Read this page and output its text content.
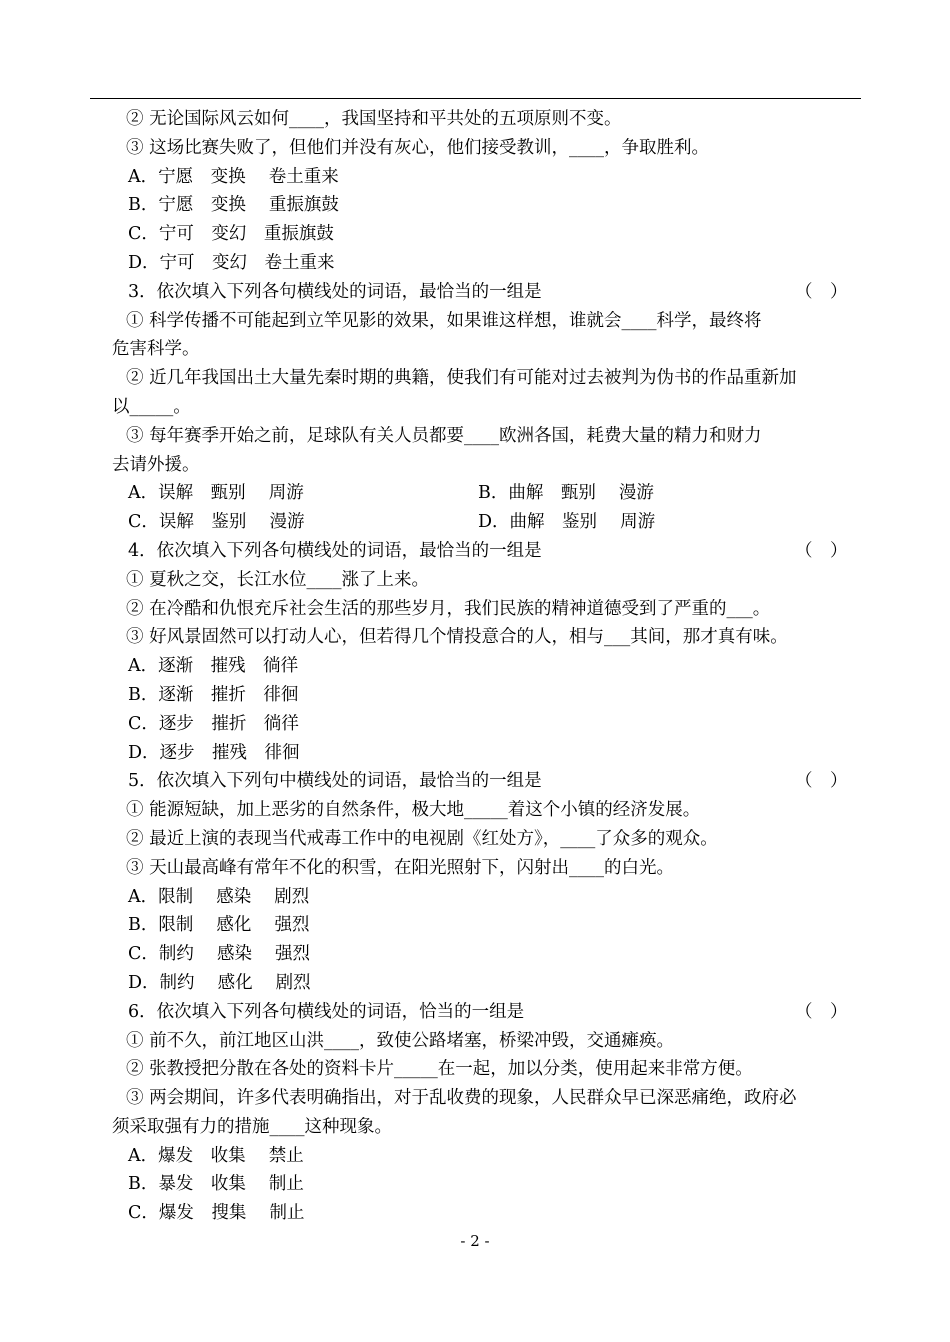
② 无论国际风云如何____，我国坚持和平共处的五项原则不变。
③ 这场比赛失败了，但他们并没有灰心，他们接受教训，____，争取胜利。
A．宁愿　变换　 卷土重来
B．宁愿　变换　 重振旗鼓
C．宁可　变幻　重振旗鼓
D．宁可　变幻　卷土重来
3．依次填入下列各句横线处的词语，最恰当的一组是	（　）
① 科学传播不可能起到立竿见影的效果，如果谁这样想，谁就会____科学，最终将
危害科学。
② 近几年我国出土大量先秦时期的典籍，使我们有可能对过去被判为伪书的作品重新加
以_____。
③ 每年赛季开始之前，足球队有关人员都要____欧洲各国，耗费大量的精力和财力
去请外援。
A．误解　甄别　 周游	B．曲解　甄别　 漫游
C．误解　鉴别　 漫游	D．曲解　鉴别　 周游
4．依次填入下列各句横线处的词语，最恰当的一组是	（　）
① 夏秋之交，长江水位____涨了上来。
② 在冷酷和仇恨充斥社会生活的那些岁月，我们民族的精神道德受到了严重的___。
③ 好风景固然可以打动人心，但若得几个情投意合的人，相与___其间，那才真有味。
A．逐渐　摧残　徜徉
B．逐渐　摧折　徘徊
C．逐步　摧折　徜徉
D．逐步　摧残　徘徊
5．依次填入下列句中横线处的词语，最恰当的一组是	（　）
① 能源短缺，加上恶劣的自然条件，极大地_____着这个小镇的经济发展。
② 最近上演的表现当代戒毒工作中的电视剧《红处方》，____了众多的观众。
③ 天山最高峰有常年不化的积雪，在阳光照射下，闪射出____的白光。
A．限制　 感染　 剧烈
B．限制　 感化　 强烈
C．制约　 感染　 强烈
D．制约　 感化　 剧烈
6．依次填入下列各句横线处的词语，恰当的一组是	（　）
① 前不久，前江地区山洪____，致使公路堵塞，桥梁冲毁，交通瘫痪。
② 张教授把分散在各处的资料卡片_____在一起，加以分类，使用起来非常方便。
③ 两会期间，许多代表明确指出，对于乱收费的现象，人民群众早已深恶痛绝，政府必
须采取强有力的措施____这种现象。
A．爆发　收集　 禁止
B．暴发　收集　 制止
C．爆发　搜集　 制止
- 2 -
